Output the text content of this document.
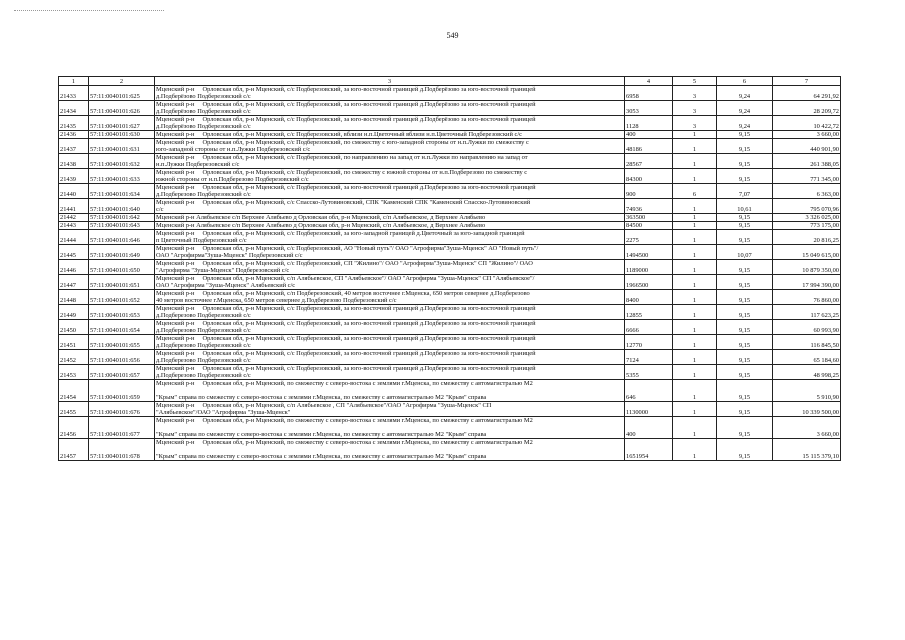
549
1	2	3	4	5	6	7
21433	57:11:0040101:625	Мценский р-н     Орловская обл, р-н Мценский, с/с Подберезовский, за юго-восточной границей д.Подберёзово за юго-восточной границей
д.Подберёзово Подберезовский с/с	6958	3	9,24	64 291,92
21434	57:11:0040101:626	Мценский р-н     Орловская обл, р-н Мценский, с/с Подберезовский, за юго-восточной границей д.Подберёзово за юго-восточной границей
д.Подберёзово Подберезовский с/с	3053	3	9,24	28 209,72
21435	57:11:0040101:627	Мценский р-н     Орловская обл, р-н Мценский, с/с Подберезовский, за юго-восточной границей д.Подберёзово за юго-восточной границей
д.Подберёзово Подберезовский с/с	1128	3	9,24	10 422,72
21436	57:11:0040101:630	Мценский р-н     Орловская обл, р-н Мценский, с/с Подберезовский, вблизи н.п.Цветочный вблизи н.п.Цветочный Подберезовский с/с	400	1	9,15	3 660,00
21437	57:11:0040101:631	Мценский р-н     Орловская обл, р-н Мценский, с/с Подберезовский, по смежеству с юго-западной стороны от н.п.Лужки по смежеству с
юго-западной стороны от н.п.Лужки Подберезовский с/с	48186	1	9,15	440 901,90
21438	57:11:0040101:632	Мценский р-н     Орловская обл, р-н Мценский, с/с Подберезовский, по направлению на запад от н.п.Лужки по направлению на запад от
н.п.Лужки Подберезовский с/с	28567	1	9,15	261 388,05
21439	57:11:0040101:633	Мценский р-н     Орловская обл, р-н Мценский, с/с Подберезовский, по смежеству с южной стороны от н.п.Подберезово по смежеству с
южной стороны от н.п.Подберезово Подберезовский с/с	84300	1	9,15	771 345,00
21440	57:11:0040101:634	Мценский р-н     Орловская обл, р-н Мценский, с/с Подберезовский, за юго-восточной границей д.Подберезово за юго-восточной границей
д.Подберезово Подберезовский с/с	900	6	7,07	6 363,00
21441	57:11:0040101:640	Мценский р-н     Орловская обл, р-н Мценский, с/с Спасско-Лутовиновский, СПК "Каменский СПК "Каменский Спасско-Лутовиновский
с/с	74936	1	10,61	795 070,96
21442	57:11:0040101:642	Мценский р-н Алябьевское с/п Верхнее Алябьево д Орловская обл, р-н Мценский, с/п Алябьевское, д Верхнее Алябьево	363500	1	9,15	3 326 025,00
21443	57:11:0040101:643	Мценский р-н Алябьевское с/п Верхнее Алябьево д Орловская обл, р-н Мценский, с/п Алябьевское, д Верхнее Алябьево	84500	1	9,15	773 175,00
21444	57:11:0040101:646	Мценский р-н     Орловская обл, р-н Мценский, с/с Подберезовский, за юго-западной границей д.Цветочный за юго-западной границей
п Цветочный Подберезовский с/с	2275	1	9,15	20 816,25
21445	57:11:0040101:649	Мценский р-н     Орловская обл, р-н Мценский, с/с Подберезовский, АО "Новый путь"/ ОАО "Агрофирма"Зуша-Мценск" АО "Новый путь"/
ОАО "Агрофирма"Зуша-Мценск" Подберезовский с/с	1494500	1	10,07	15 049 615,00
21446	57:11:0040101:650	Мценский р-н     Орловская обл, р-н Мценский, с/с Подберезовский, СП "Жилино"/ ОАО "Агрофирма"Зуша-Мценск" СП "Жилино"/ ОАО
"Агрофирма "Зуша-Мценск" Подберезовский с/с	1189000	1	9,15	10 879 350,00
21447	57:11:0040101:651	Мценский р-н     Орловская обл, р-н Мценский, с/п Алябьевское, СП "Алябьевское"/ ОАО "Агрофирма "Зуша-Мценск" СП "Алябьевское"/
ОАО "Агрофирма "Зуша-Мценск" Алябьевский с/с	1966500	1	9,15	17 994 390,00
21448	57:11:0040101:652	Мценский р-н     Орловская обл, р-н Мценский, с/п Подберезовский, 40 метров восточнее г.Мценска, 650 метров севернее д.Подберезово
40 метров восточнее г.Мценска, 650 метров севернее д.Подберезово Подберезовский с/с	8400	1	9,15	76 860,00
21449	57:11:0040101:653	Мценский р-н     Орловская обл, р-н Мценский, с/с Подберезовский, за юго-восточной границей д.Подберезово за юго-восточной границей
д.Подберезово Подберезовский с/с	12855	1	9,15	117 623,25
21450	57:11:0040101:654	Мценский р-н     Орловская обл, р-н Мценский, с/с Подберезовский, за юго-восточной границей д.Подберезово за юго-восточной границей
д.Подберезово Подберезовский с/с	6666	1	9,15	60 993,90
21451	57:11:0040101:655	Мценский р-н     Орловская обл, р-н Мценский, с/с Подберезовский, за юго-восточной границей д.Подберезово за юго-восточной границей
д.Подберезово Подберезовский с/с	12770	1	9,15	116 845,50
21452	57:11:0040101:656	Мценский р-н     Орловская обл, р-н Мценский, с/с Подберезовский, за юго-восточной границей д.Подберезово за юго-восточной границей
д.Подберезово Подберезовский с/с	7124	1	9,15	65 184,60
21453	57:11:0040101:657	Мценский р-н     Орловская обл, р-н Мценский, с/с Подберезовский, за юго-восточной границей д.Подберезово за юго-восточной границей
д.Подберезово Подберезовский с/с	5355	1	9,15	48 998,25
21454	57:11:0040101:659	Мценский р-н     Орловская обл, р-н Мценский, по смежеству с северо-востока с землями г.Мценска, по смежеству с автомагистралью М2

"Крым" справа по смежеству с северо-востока с землями г.Мценска, по смежеству с автомагистралью М2 "Крым" справа	646	1	9,15	5 910,90
21455	57:11:0040101:676	Мценский р-н     Орловская обл, р-н Мценский, с/п Алябьевское , СП "Алябьевское"/ОАО "Агрофирма "Зуша-Мценск" СП
"Алябьевское"/ОАО "Агрофирма "Зуша-Мценск"	1130000	1	9,15	10 339 500,00
21456	57:11:0040101:677	Мценский р-н     Орловская обл, р-н Мценский, по смежеству с северо-востока с землями г.Мценска, по смежеству с автомагистралью М2

"Крым" справа по смежеству с северо-востока с землями г.Мценска, по смежеству с автомагистралью М2 "Крым" справа	400	1	9,15	3 660,00
21457	57:11:0040101:678	Мценский р-н     Орловская обл, р-н Мценский, по смежеству с северо-востока с землями г.Мценска, по смежеству с автомагистралью М2

"Крым" справа по смежеству с северо-востока с землями г.Мценска, по смежеству с автомагистралью М2 "Крым" справа	1651954	1	9,15	15 115 379,10
